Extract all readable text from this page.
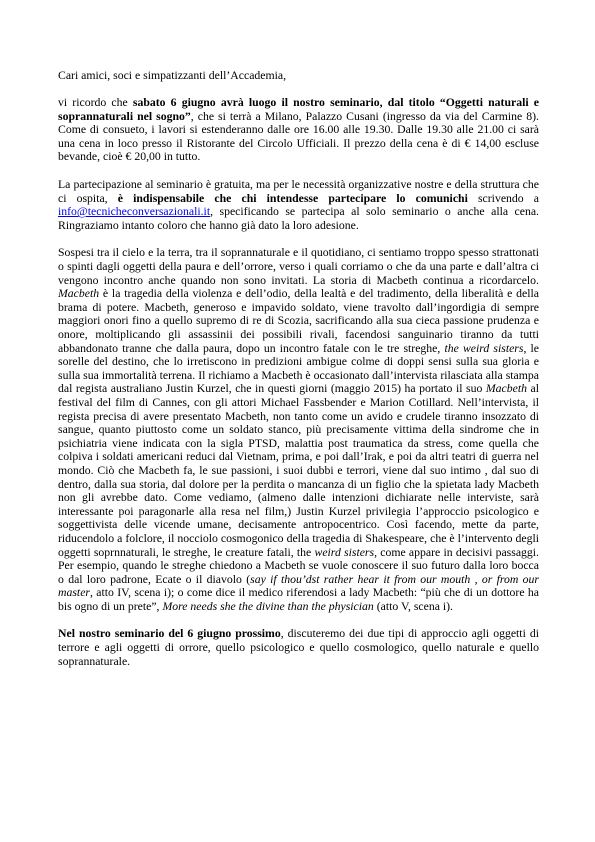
Cari amici, soci e simpatizzanti dell’Accademia,

vi ricordo che sabato 6 giugno avrà luogo il nostro seminario, dal titolo “Oggetti naturali e soprannaturali nel sogno”, che si terrà a Milano, Palazzo Cusani (ingresso da via del Carmine 8). Come di consueto, i lavori si estenderanno dalle ore 16.00 alle 19.30. Dalle 19.30 alle 21.00 ci sarà una cena in loco presso il Ristorante del Circolo Ufficiali. Il prezzo della cena è di € 14,00 escluse bevande, cioè € 20,00 in tutto.

La partecipazione al seminario è gratuita, ma per le necessità organizzative nostre e della struttura che ci ospita, è indispensabile che chi intendesse partecipare lo comunichi scrivendo a info@tecnicheconversazionali.it, specificando se partecipa al solo seminario o anche alla cena. Ringraziamo intanto coloro che hanno già dato la loro adesione.

Sospesi tra il cielo e la terra, tra il soprannaturale e il quotidiano, ci sentiamo troppo spesso strattonati o spinti dagli oggetti della paura e dell’orrore, verso i quali corriamo o che da una parte e dall’altra ci vengono incontro anche quando non sono invitati. La storia di Macbeth continua a ricordarcelo. Macbeth è la tragedia della violenza e dell’odio, della lealtà e del tradimento, della liberalità e della brama di potere. Macbeth, generoso e impavido soldato, viene travolto dall’ingordigia di sempre maggiori onori fino a quello supremo di re di Scozia, sacrificando alla sua cieca passione prudenza e onore, moltiplicando gli assassinii dei possibili rivali, facendosi sanguinario tiranno da tutti abbandonato tranne che dalla paura, dopo un incontro fatale con le tre streghe, the weird sisters, le sorelle del destino, che lo irretiscono in predizioni ambigue colme di doppi sensi sulla sua gloria e sulla sua immortalità terrena. Il richiamo a Macbeth è occasionato dall’intervista rilasciata alla stampa dal regista australiano Justin Kurzel, che in questi giorni (maggio 2015) ha portato il suo Macbeth al festival del film di Cannes, con gli attori Michael Fassbender e Marion Cotillard. Nell’intervista, il regista precisa di avere presentato Macbeth, non tanto come un avido e crudele tiranno insozzato di sangue, quanto piuttosto come un soldato stanco, più precisamente vittima della sindrome che in psichiatria viene indicata con la sigla PTSD, malattia post traumatica da stress, come quella che colpiva i soldati americani reduci dal Vietnam, prima, e poi dall’Irak, e poi da altri teatri di guerra nel mondo. Ciò che Macbeth fa, le sue passioni, i suoi dubbi e terrori, viene dal suo intimo , dal suo di dentro, dalla sua storia, dal dolore per la perdita o mancanza di un figlio che la spietata lady Macbeth non gli avrebbe dato. Come vediamo, (almeno dalle intenzioni dichiarate nelle interviste, sarà interessante poi paragonarle alla resa nel film,) Justin Kurzel privilegia l’approccio psicologico e soggettivista delle vicende umane, decisamente antropocentrico. Così facendo, mette da parte, riducendolo a folclore, il nocciolo cosmogonico della tragedia di Shakespeare, che è l’intervento degli oggetti soprnnaturali, le streghe, le creature fatali, the weird sisters, come appare in decisivi passaggi. Per esempio, quando le streghe chiedono a Macbeth se vuole conoscere il suo futuro dalla loro bocca o dal loro padrone, Ecate o il diavolo (say if thou’dst rather hear it from our mouth , or from our master, atto IV, scena i); o come dice il medico riferendosi a lady Macbeth: “più che di un dottore ha bis ogno di un prete”, More needs she the divine than the physician (atto V, scena i).

Nel nostro seminario del 6 giugno prossimo, discuteremo dei due tipi di approccio agli oggetti di terrore e agli oggetti di orrore, quello psicologico e quello cosmologico, quello naturale e quello soprannaturale.
